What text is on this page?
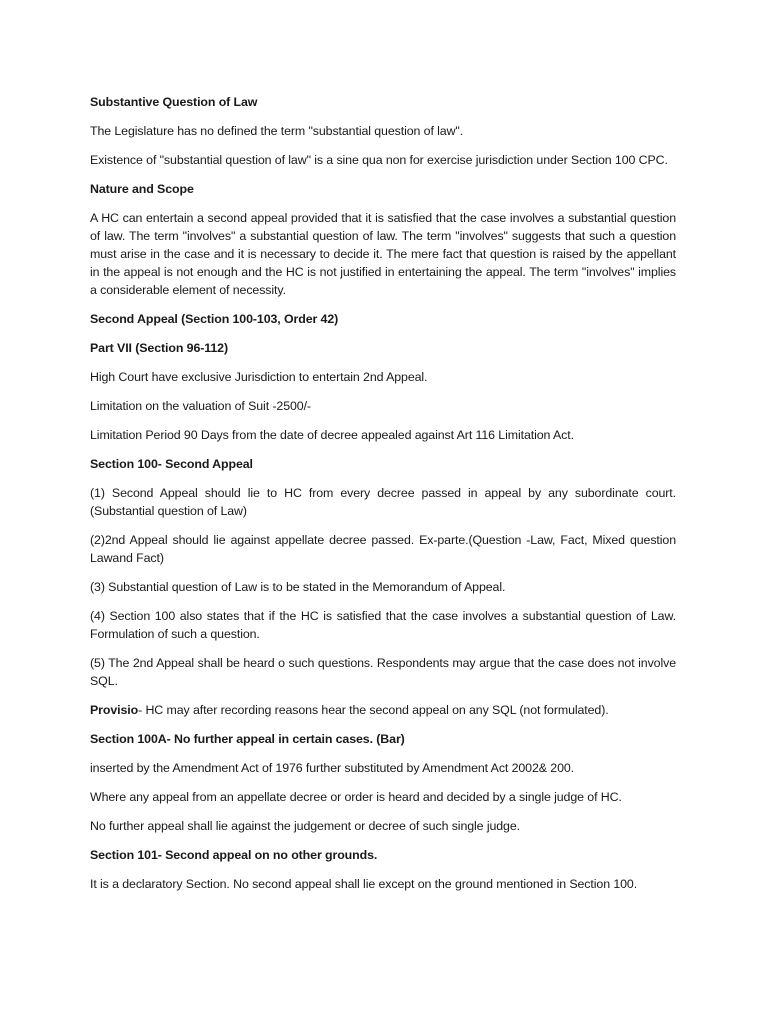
Substantive Question of Law

The Legislature has no defined the term "substantial question of law".

Existence of "substantial question of law" is a sine qua non for exercise jurisdiction under Section 100 CPC.

Nature and Scope

A HC can entertain a second appeal provided that it is satisfied that the case involves a substantial question of law. The term "involves" a substantial question of law. The term "involves" suggests that such a question must arise in the case and it is necessary to decide it. The mere fact that question is raised by the appellant in the appeal is not enough and the HC is not justified in entertaining the appeal. The term "involves" implies a considerable element of necessity.

Second Appeal (Section 100-103, Order 42)

Part VII (Section 96-112)

High Court have exclusive Jurisdiction to entertain 2nd Appeal.

Limitation on the valuation of Suit -2500/-

Limitation Period 90 Days from the date of decree appealed against Art 116 Limitation Act.

Section 100- Second Appeal

(1) Second Appeal should lie to HC from every decree passed in appeal by any subordinate court. (Substantial question of Law)

(2)2nd Appeal should lie against appellate decree passed. Ex-parte.(Question -Law, Fact, Mixed question Lawand Fact)

(3) Substantial question of Law is to be stated in the Memorandum of Appeal.

(4) Section 100 also states that if the HC is satisfied that the case involves a substantial question of Law. Formulation of such a question.

(5) The 2nd Appeal shall be heard o such questions. Respondents may argue that the case does not involve SQL.

Provisio- HC may after recording reasons hear the second appeal on any SQL (not formulated).

Section 100A- No further appeal in certain cases. (Bar)

inserted by the Amendment Act of 1976 further substituted by Amendment Act 2002& 200.

Where any appeal from an appellate decree or order is heard and decided by a single judge of HC.

No further appeal shall lie against the judgement or decree of such single judge.

Section 101- Second appeal on no other grounds.

It is a declaratory Section. No second appeal shall lie except on the ground mentioned in Section 100.
